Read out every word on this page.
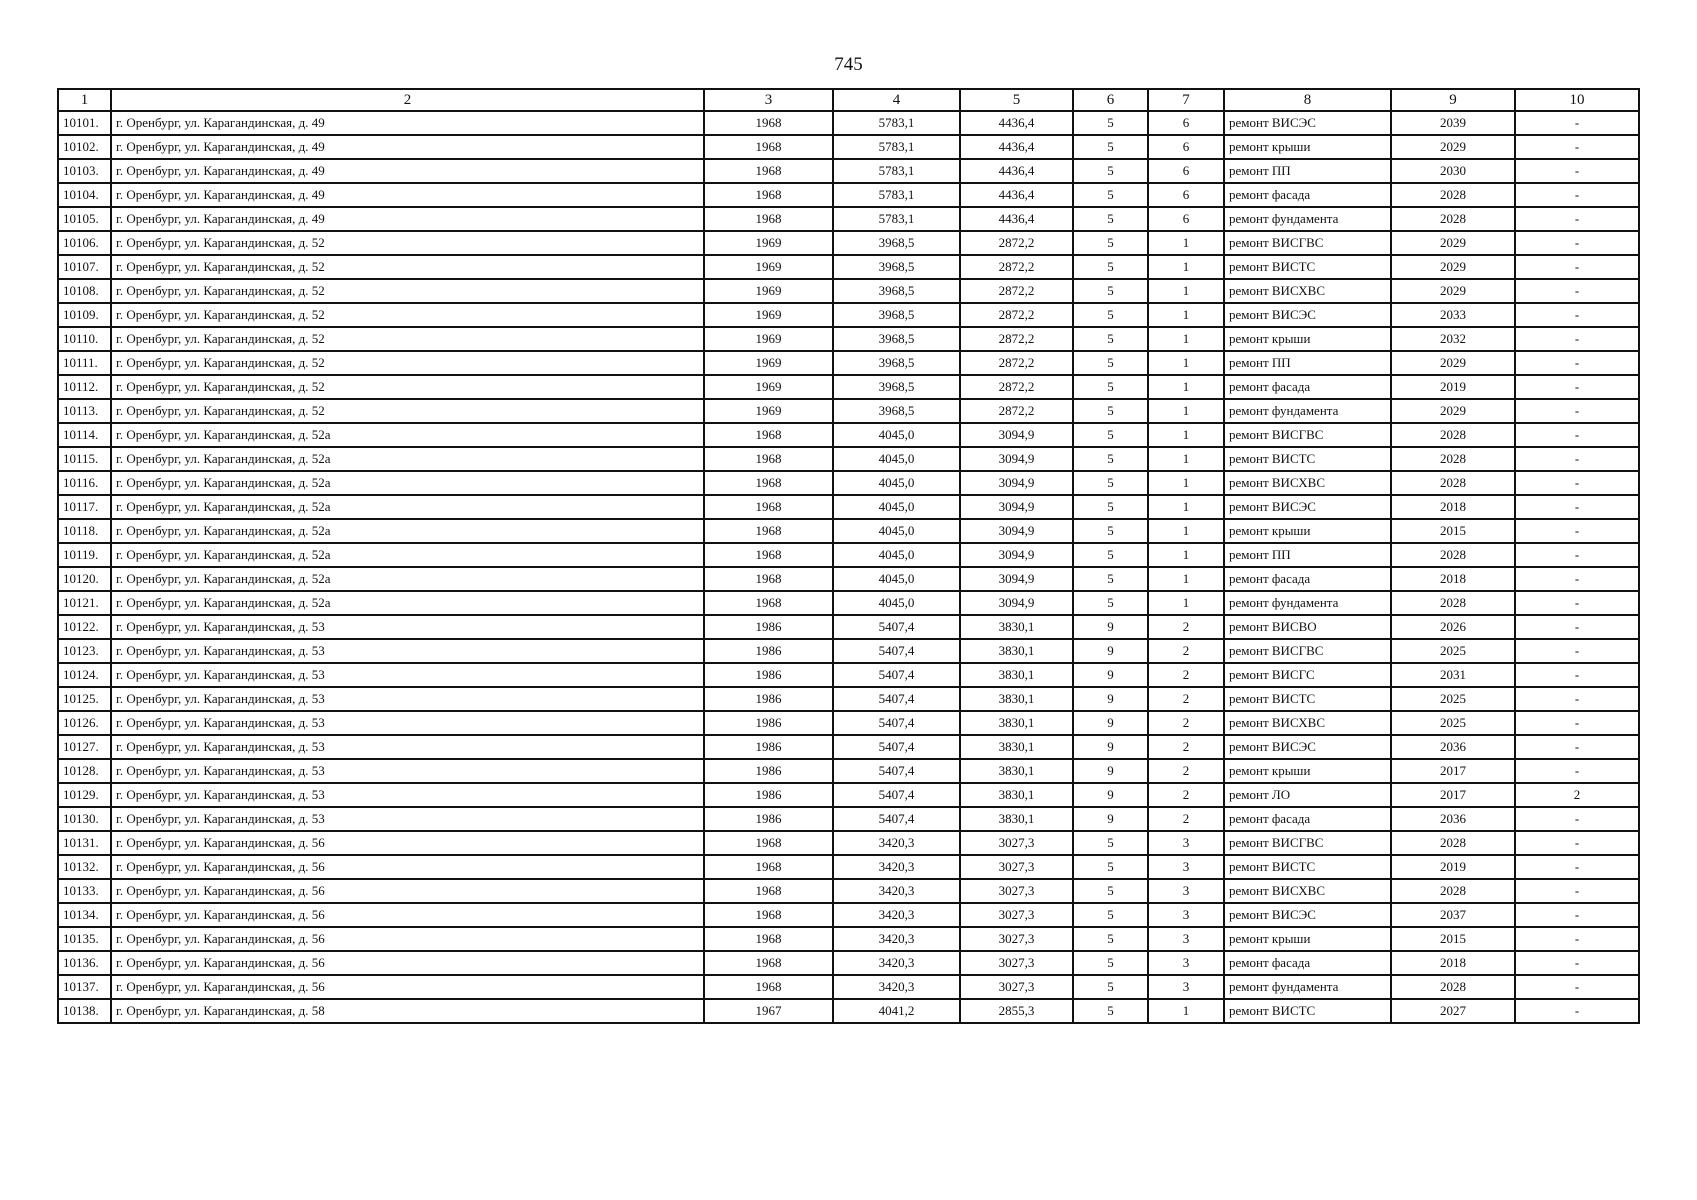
745
1	2	3	4	5	6	7	8	9	10
10101.	г. Оренбург, ул. Карагандинская, д. 49	1968	5783,1	4436,4	5	6	ремонт ВИСЭС	2039	-
10102.	г. Оренбург, ул. Карагандинская, д. 49	1968	5783,1	4436,4	5	6	ремонт крыши	2029	-
10103.	г. Оренбург, ул. Карагандинская, д. 49	1968	5783,1	4436,4	5	6	ремонт ПП	2030	-
10104.	г. Оренбург, ул. Карагандинская, д. 49	1968	5783,1	4436,4	5	6	ремонт фасада	2028	-
10105.	г. Оренбург, ул. Карагандинская, д. 49	1968	5783,1	4436,4	5	6	ремонт фундамента	2028	-
10106.	г. Оренбург, ул. Карагандинская, д. 52	1969	3968,5	2872,2	5	1	ремонт ВИСГВС	2029	-
10107.	г. Оренбург, ул. Карагандинская, д. 52	1969	3968,5	2872,2	5	1	ремонт ВИСТС	2029	-
10108.	г. Оренбург, ул. Карагандинская, д. 52	1969	3968,5	2872,2	5	1	ремонт ВИСХВС	2029	-
10109.	г. Оренбург, ул. Карагандинская, д. 52	1969	3968,5	2872,2	5	1	ремонт ВИСЭС	2033	-
10110.	г. Оренбург, ул. Карагандинская, д. 52	1969	3968,5	2872,2	5	1	ремонт крыши	2032	-
10111.	г. Оренбург, ул. Карагандинская, д. 52	1969	3968,5	2872,2	5	1	ремонт ПП	2029	-
10112.	г. Оренбург, ул. Карагандинская, д. 52	1969	3968,5	2872,2	5	1	ремонт фасада	2019	-
10113.	г. Оренбург, ул. Карагандинская, д. 52	1969	3968,5	2872,2	5	1	ремонт фундамента	2029	-
10114.	г. Оренбург, ул. Карагандинская, д. 52а	1968	4045,0	3094,9	5	1	ремонт ВИСГВС	2028	-
10115.	г. Оренбург, ул. Карагандинская, д. 52а	1968	4045,0	3094,9	5	1	ремонт ВИСТС	2028	-
10116.	г. Оренбург, ул. Карагандинская, д. 52а	1968	4045,0	3094,9	5	1	ремонт ВИСХВС	2028	-
10117.	г. Оренбург, ул. Карагандинская, д. 52а	1968	4045,0	3094,9	5	1	ремонт ВИСЭС	2018	-
10118.	г. Оренбург, ул. Карагандинская, д. 52а	1968	4045,0	3094,9	5	1	ремонт крыши	2015	-
10119.	г. Оренбург, ул. Карагандинская, д. 52а	1968	4045,0	3094,9	5	1	ремонт ПП	2028	-
10120.	г. Оренбург, ул. Карагандинская, д. 52а	1968	4045,0	3094,9	5	1	ремонт фасада	2018	-
10121.	г. Оренбург, ул. Карагандинская, д. 52а	1968	4045,0	3094,9	5	1	ремонт фундамента	2028	-
10122.	г. Оренбург, ул. Карагандинская, д. 53	1986	5407,4	3830,1	9	2	ремонт ВИСВО	2026	-
10123.	г. Оренбург, ул. Карагандинская, д. 53	1986	5407,4	3830,1	9	2	ремонт ВИСГВС	2025	-
10124.	г. Оренбург, ул. Карагандинская, д. 53	1986	5407,4	3830,1	9	2	ремонт ВИСГС	2031	-
10125.	г. Оренбург, ул. Карагандинская, д. 53	1986	5407,4	3830,1	9	2	ремонт ВИСТС	2025	-
10126.	г. Оренбург, ул. Карагандинская, д. 53	1986	5407,4	3830,1	9	2	ремонт ВИСХВС	2025	-
10127.	г. Оренбург, ул. Карагандинская, д. 53	1986	5407,4	3830,1	9	2	ремонт ВИСЭС	2036	-
10128.	г. Оренбург, ул. Карагандинская, д. 53	1986	5407,4	3830,1	9	2	ремонт крыши	2017	-
10129.	г. Оренбург, ул. Карагандинская, д. 53	1986	5407,4	3830,1	9	2	ремонт ЛО	2017	2
10130.	г. Оренбург, ул. Карагандинская, д. 53	1986	5407,4	3830,1	9	2	ремонт фасада	2036	-
10131.	г. Оренбург, ул. Карагандинская, д. 56	1968	3420,3	3027,3	5	3	ремонт ВИСГВС	2028	-
10132.	г. Оренбург, ул. Карагандинская, д. 56	1968	3420,3	3027,3	5	3	ремонт ВИСТС	2019	-
10133.	г. Оренбург, ул. Карагандинская, д. 56	1968	3420,3	3027,3	5	3	ремонт ВИСХВС	2028	-
10134.	г. Оренбург, ул. Карагандинская, д. 56	1968	3420,3	3027,3	5	3	ремонт ВИСЭС	2037	-
10135.	г. Оренбург, ул. Карагандинская, д. 56	1968	3420,3	3027,3	5	3	ремонт крыши	2015	-
10136.	г. Оренбург, ул. Карагандинская, д. 56	1968	3420,3	3027,3	5	3	ремонт фасада	2018	-
10137.	г. Оренбург, ул. Карагандинская, д. 56	1968	3420,3	3027,3	5	3	ремонт фундамента	2028	-
10138.	г. Оренбург, ул. Карагандинская, д. 58	1967	4041,2	2855,3	5	1	ремонт ВИСТС	2027	-
